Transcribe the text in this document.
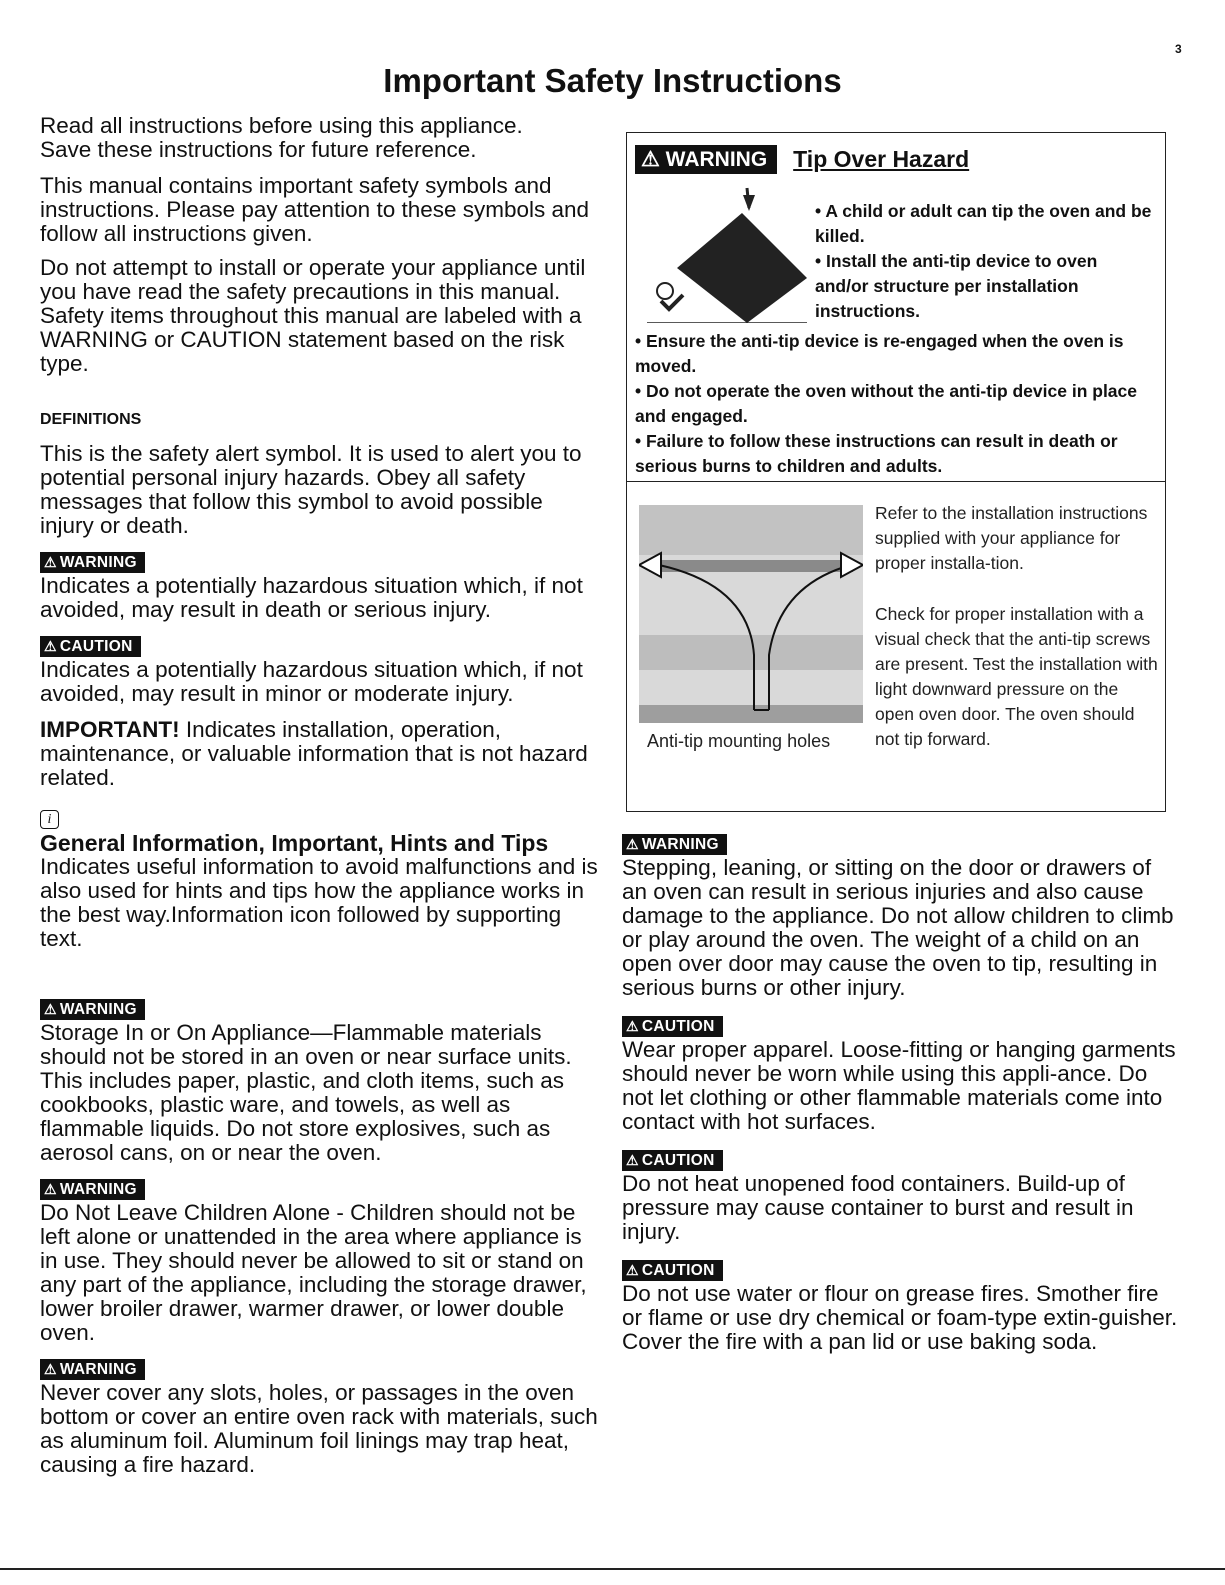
3
Important Safety Instructions

Read all instructions before using this appliance.
Save these instructions for future reference.

This manual contains important safety symbols and instructions. Please pay attention to these symbols and follow all instructions given.

Do not attempt to install or operate your appliance until you have read the safety precautions in this manual. Safety items throughout this manual are labeled with a WARNING or CAUTION statement based on the risk type.

DEFINITIONS

This is the safety alert symbol. It is used to alert you to potential personal injury hazards. Obey all safety messages that follow this symbol to avoid possible injury or death.

⚠ WARNING
Indicates a potentially hazardous situation which, if not avoided, may result in death or serious injury.
⚠ CAUTION
Indicates a potentially hazardous situation which, if not avoided, may result in minor or moderate injury.
IMPORTANT! Indicates installation, operation, maintenance, or valuable information that is not hazard related.
i
General Information, Important, Hints and Tips

Indicates useful information to avoid malfunctions and is also used for hints and tips how the appliance works in the best way.Information icon followed by supporting text.

⚠ WARNING
Storage In or On Appliance—Flammable materials should not be stored in an oven or near surface units. This includes paper, plastic, and cloth items, such as cookbooks, plastic ware, and towels, as well as flammable liquids. Do not store explosives, such as aerosol cans, on or near the oven.
⚠ WARNING
Do Not Leave Children Alone - Children should not be left alone or unattended in the area where appliance is in use. They should never be allowed to sit or stand on any part of the appliance, including the storage drawer, lower broiler drawer, warmer drawer, or lower double oven.
⚠ WARNING
Never cover any slots, holes, or passages in the oven bottom or cover an entire oven rack with materials, such as aluminum foil. Aluminum foil linings may trap heat, causing a fire hazard.
⚠ WARNING	Tip Over Hazard
• A child or adult can tip the oven and be killed.
• Install the anti-tip device to oven and/or structure per installation instructions.
• Ensure the anti-tip device is re-engaged when the oven is moved.
• Do not operate the oven without the anti-tip device in place and engaged.
• Failure to follow these instructions can result in death or serious burns to children and adults.
Anti-tip mounting holes

Refer to the installation instructions supplied with your appliance for proper installa-tion.

Check for proper installation with a visual check that the anti-tip screws are present. Test the installation with light downward pressure on the open oven door. The oven should not tip forward.

⚠ WARNING
Stepping, leaning, or sitting on the door or drawers of an oven can result in serious injuries and also cause damage to the appliance. Do not allow children to climb or play around the oven. The weight of a child on an open over door may cause the oven to tip, resulting in serious burns or other injury.
⚠ CAUTION
Wear proper apparel. Loose-fitting or hanging garments should never be worn while using this appli-ance. Do not let clothing or other flammable materials come into contact with hot surfaces.
⚠ CAUTION
Do not heat unopened food containers. Build-up of pressure may cause container to burst and result in injury.
⚠ CAUTION
Do not use water or flour on grease fires. Smother fire or flame or use dry chemical or foam-type extin-guisher. Cover the fire with a pan lid or use baking soda.
